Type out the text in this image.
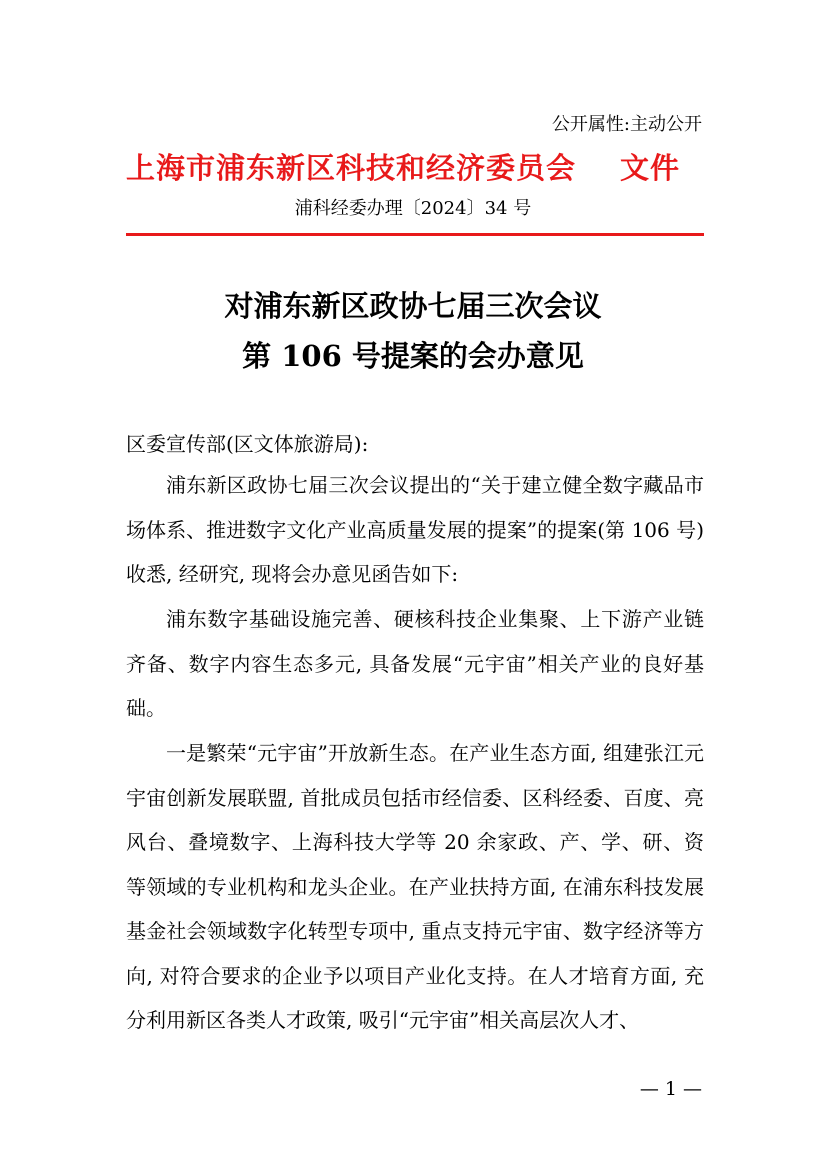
公开属性:主动公开
上海市浦东新区科技和经济委员会 文件
浦科经委办理〔2024〕34 号
对浦东新区政协七届三次会议
第 106 号提案的会办意见
区委宣传部(区文体旅游局):
浦东新区政协七届三次会议提出的“关于建立健全数字藏品市场体系、推进数字文化产业高质量发展的提案”的提案(第 106 号)收悉, 经研究, 现将会办意见函告如下:
浦东数字基础设施完善、硬核科技企业集聚、上下游产业链齐备、数字内容生态多元, 具备发展“元宇宙”相关产业的良好基础。
一是繁荣“元宇宙”开放新生态。在产业生态方面, 组建张江元宇宙创新发展联盟, 首批成员包括市经信委、区科经委、百度、亮风台、叠境数字、上海科技大学等 20 余家政、产、学、研、资等领域的专业机构和龙头企业。在产业扶持方面, 在浦东科技发展基金社会领域数字化转型专项中, 重点支持元宇宙、数字经济等方向, 对符合要求的企业予以项目产业化支持。在人才培育方面, 充分利用新区各类人才政策, 吸引“元宇宙”相关高层次人才、
— 1 —
